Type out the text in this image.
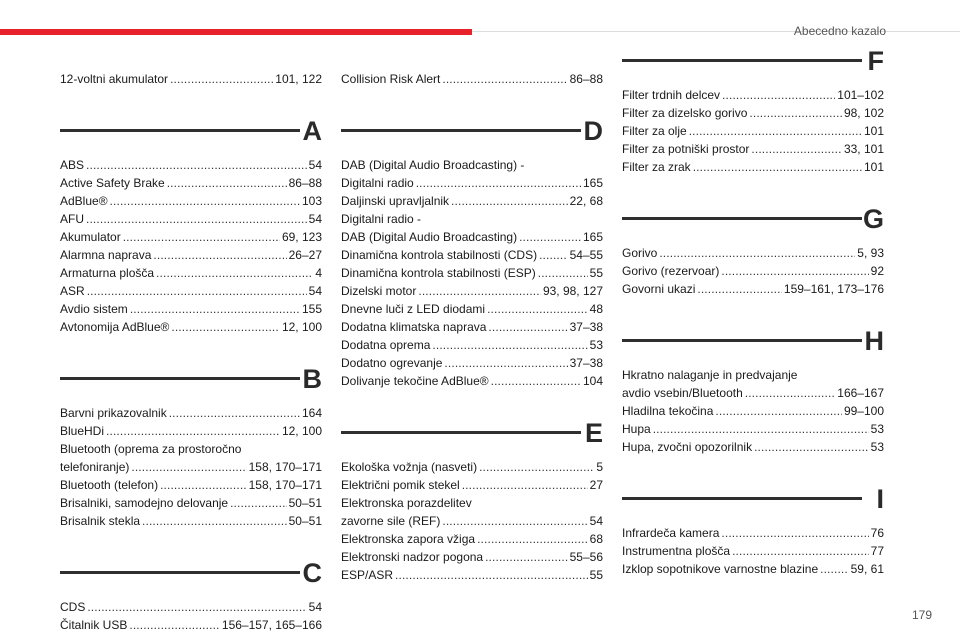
Abecedno kazalo
12-voltni akumulator . . .	101, 122
A
ABS . . .	54
Active Safety Brake . . .	86–88
AdBlue® . . .	103
AFU . . .	54
Akumulator . . .	69, 123
Alarmna naprava . . .	26–27
Armaturna plošča . . .	4
ASR . . .	54
Avdio sistem . . .	155
Avtonomija AdBlue® . . .	12, 100
B
Barvni prikazovalnik . . .	164
BlueHDi . . .	12, 100
Bluetooth (oprema za prostoročno
telefoniranje) . . .	158, 170–171
Bluetooth (telefon) . . .	158, 170–171
Brisalniki, samodejno delovanje . . .	50–51
Brisalnik stekla . . .	50–51
C
CDS . . .	54
Čitalnik USB . . .	156–157, 165–166
Collision Risk Alert . . .	86–88
D
DAB (Digital Audio Broadcasting) -
Digitalni radio . . .	165
Daljinski upravljalnik . . .	22, 68
Digitalni radio -
DAB (Digital Audio Broadcasting) . . .	165
Dinamična kontrola stabilnosti (CDS) . . .	54–55
Dinamična kontrola stabilnosti (ESP) . . .	55
Dizelski motor . . .	93, 98, 127
Dnevne luči z LED diodami . . .	48
Dodatna klimatska naprava . . .	37–38
Dodatna oprema . . .	53
Dodatno ogrevanje . . .	37–38
Dolivanje tekočine AdBlue® . . .	104
E
Ekološka vožnja (nasveti) . . .	5
Električni pomik stekel . . .	27
Elektronska porazdelitev
zavorne sile (REF) . . .	54
Elektronska zapora vžiga . . .	68
Elektronski nadzor pogona . . .	55–56
ESP/ASR . . .	55
F
Filter trdnih delcev . . .	101–102
Filter za dizelsko gorivo . . .	98, 102
Filter za olje . . .	101
Filter za potniški prostor . . .	33, 101
Filter za zrak . . .	101
G
Gorivo . . .	5, 93
Gorivo (rezervoar) . . .	92
Govorni ukazi . . .	159–161, 173–176
H
Hkratno nalaganje in predvajanje
avdio vsebin/Bluetooth . . .	166–167
Hladilna tekočina . . .	99–100
Hupa . . .	53
Hupa, zvočni opozorilnik . . .	53
I
Infrardeča kamera . . .	76
Instrumentna plošča . . .	77
Izklop sopotnikove varnostne blazine . . .	59, 61
179
